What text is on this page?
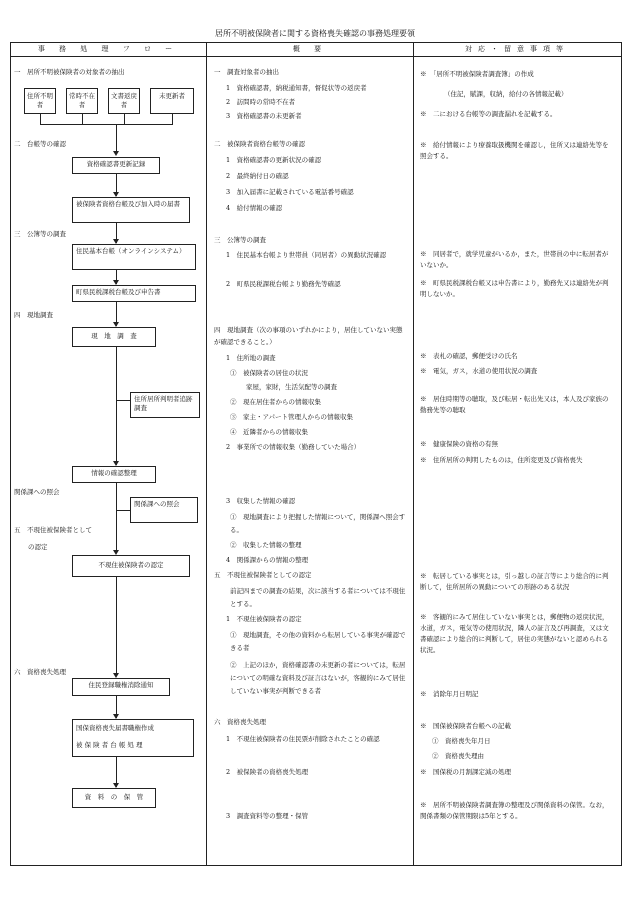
居所不明被保険者に関する資格喪失確認の事務処理要領
事 務 処 理 フ ロ ー	概 要	対応・留意事項等
一　居所不明被保険者の対象者の抽出
住所不明者
常時不在者
文書返戻者
未更新者
二　台帳等の確認
資格確認書更新記録
被保険者資格台帳及び加入時の届書
三　公簿等の調査
住民基本台帳（オンラインシステム）
町県民税課税台帳及び申告書
四　現地調査
現　地　調　査
住所居所判明者追跡調査
情報の確認整理
関係課への照会
関係課への照会
五　不現住被保険者として
の認定
不現住被保険者の認定
六　資格喪失処理
住民登録職権消除通知
国保資格喪失届書職権作成
被 保 険 者 台 帳 処 理
資　料　の　保　管
一　調査対象者の抽出
1　資格確認書，納税通知書，督促状等の返戻者
2　訪問時の常時不在者
3　資格確認書の未更新者
二　被保険者資格台帳等の確認
1　資格確認書の更新状況の確認
2　最終納付日の確認
3　加入届書に記載されている電話番号確認
4　給付情報の確認
三　公簿等の調査
1　住民基本台帳より世帯員（同居者）の異動状況確認
2　町県民税課税台帳より勤務先等確認
四　現地調査（次の事項のいずれかにより，居住していない実態が確認できること。）
1　住所地の調査
①　被保険者の居住の状況
家屋，家財，生活気配等の調査
②　現在居住者からの情報収集
③　家主・アパート管理人からの情報収集
④　近隣者からの情報収集
2　事業所での情報収集（勤務していた場合）
3　収集した情報の確認
①　現地調査により把握した情報について，関係課へ照会する。
②　収集した情報の整理
4　関係課からの情報の整理
五　不現住被保険者としての認定
前記四までの調査の結果，次に該当する者については不現住とする。
1　不現住被保険者の認定
①　現地調査，その他の資料から転居している事実が確認できる者
②　上記のほか，資格確認書の未更新の者については，転居についての明確な資料及び証言はないが，客観的にみて居住していない事実が判断できる者
六　資格喪失処理
1　不現住被保険者の住民票が削除されたことの確認
2　被保険者の資格喪失処理
3　調査資料等の整理・保管
※　「居所不明被保険者調査簿」の作成
（住記，賦課，収納，給付の各情報記載）
※　二における台帳等の調査漏れを記載する。
※　給付情報により療養取扱機関を確認し，住所又は連絡先等を照会する。
※　同居者で，就学児童がいるか，また，世帯員の中に転居者がいないか。
※　町県民税課税台帳又は申告書により，勤務先又は連絡先が判明しないか。
※　表札の確認，郵便受けの氏名
※　電気，ガス，水道の使用状況の調査
※　居住時期等の聴取，及び転居・転出先又は，本人及び家族の勤務先等の聴取
※　健康保険の資格の有無
※　住所居所の判明したものは，住所変更及び資格喪失
※　転居している事実とは，引っ越しの証言等により総合的に判断して，住所居所の異動についての形跡のある状況
※　客観的にみて居住していない事実とは，郵便物の返戻状況，水道，ガス，電気等の使用状況，隣人の証言及び再調査，又は文書確認により総合的に判断して，居住の実態がないと認められる状況。
※　消除年月日明記
※　国保被保険者台帳への記載
①　資格喪失年月日
②　資格喪失理由
※　国保税の月割課定減の処理
※　居所不明被保険者調査簿の整理及び関係資料の保管。なお，関係書類の保管期限は5年とする。
